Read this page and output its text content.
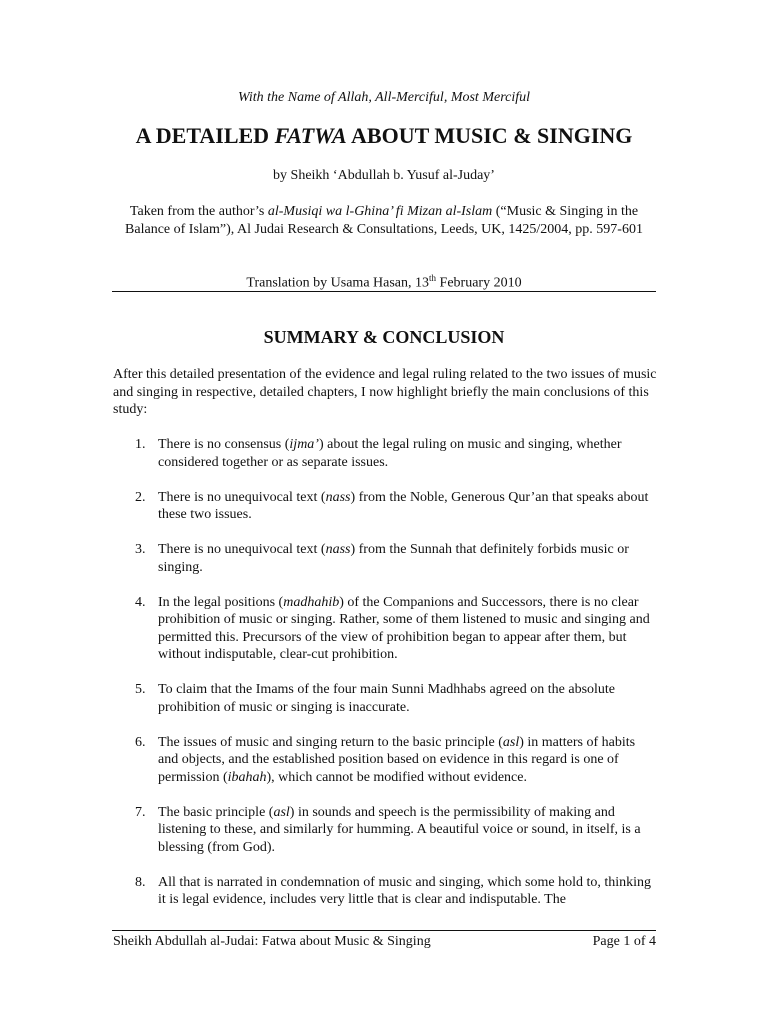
With the Name of Allah, All-Merciful, Most Merciful
A DETAILED FATWA ABOUT MUSIC & SINGING
by Sheikh ‘Abdullah b. Yusuf al-Juday’
Taken from the author’s al-Musiqi wa l-Ghina’ fi Mizan al-Islam (“Music & Singing in the Balance of Islam”), Al Judai Research & Consultations, Leeds, UK, 1425/2004, pp. 597-601
Translation by Usama Hasan, 13th February 2010
SUMMARY & CONCLUSION

After this detailed presentation of the evidence and legal ruling related to the two issues of music and singing in respective, detailed chapters, I now highlight briefly the main conclusions of this study:

1. There is no consensus (ijma’) about the legal ruling on music and singing, whether considered together or as separate issues.
2. There is no unequivocal text (nass) from the Noble, Generous Qur’an that speaks about these two issues.
3. There is no unequivocal text (nass) from the Sunnah that definitely forbids music or singing.
4. In the legal positions (madhahib) of the Companions and Successors, there is no clear prohibition of music or singing. Rather, some of them listened to music and singing and permitted this. Precursors of the view of prohibition began to appear after them, but without indisputable, clear-cut prohibition.
5. To claim that the Imams of the four main Sunni Madhhabs agreed on the absolute prohibition of music or singing is inaccurate.
6. The issues of music and singing return to the basic principle (asl) in matters of habits and objects, and the established position based on evidence in this regard is one of permission (ibahah), which cannot be modified without evidence.
7. The basic principle (asl) in sounds and speech is the permissibility of making and listening to these, and similarly for humming. A beautiful voice or sound, in itself, is a blessing (from God).
8. All that is narrated in condemnation of music and singing, which some hold to, thinking it is legal evidence, includes very little that is clear and indisputable. The
Sheikh Abdullah al-Judai: Fatwa about Music & Singing	Page 1 of 4
